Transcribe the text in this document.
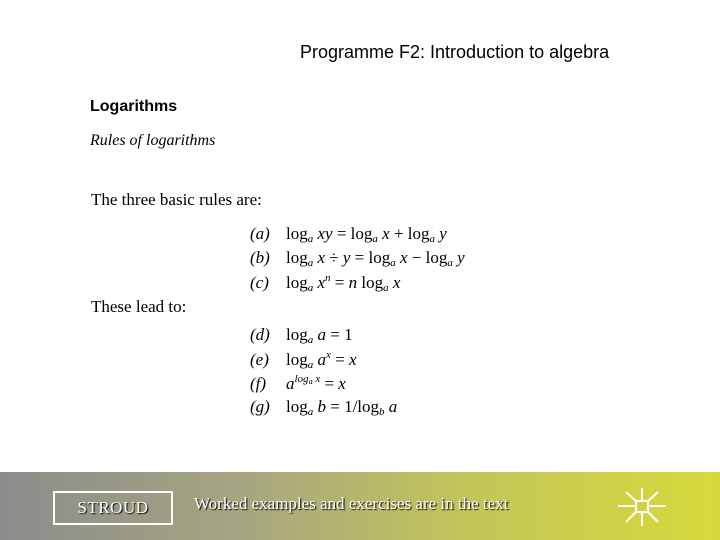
Programme F2: Introduction to algebra
Logarithms
Rules of logarithms
The three basic rules are:
(a) $\log_a$ xy = $\log_a x + \log_a y$
(b) $\log_a x \div y = \log_a x - \log_a y$
(c)	$\log_a x^n = n$ $\log_a x$
These lead to:
(d) $\log_a a = 1$
(e)	$\log_a a^x = x$
(f)	$a^{loga x} = x$
(g) $\log_a b = 1/\log_b$ a
STROUD	Worked examples and exercises are in the text
